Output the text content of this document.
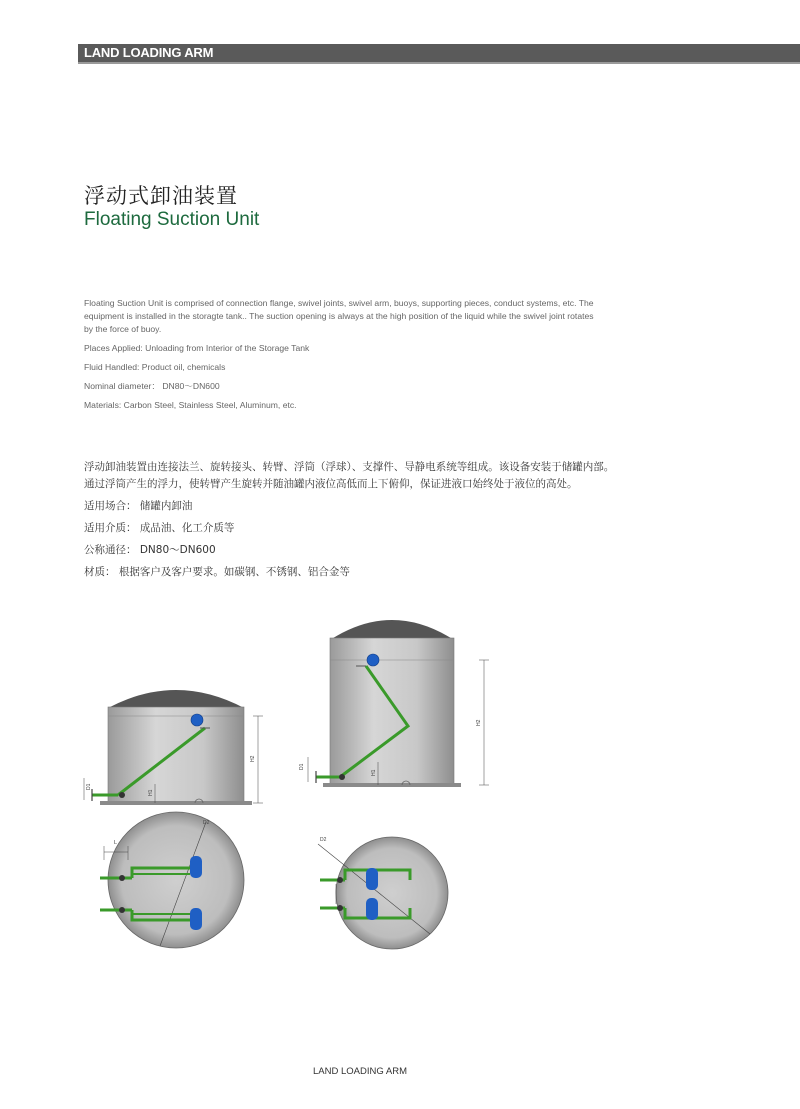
LAND LOADING ARM
浮动式卸油装置
Floating Suction Unit

Floating Suction Unit is comprised of connection flange, swivel joints, swivel arm, buoys, supporting pieces, conduct systems, etc. The equipment is installed in the storagte tank.. The suction opening is always at the high position of the liquid while the swivel joint rotates by the force of buoy.

Places Applied: Unloading from Interior of the Storage Tank

Fluid Handled: Product oil, chemicals

Nominal diameter： DN80～DN600

Materials: Carbon Steel, Stainless Steel, Aluminum, etc.

浮动卸油装置由连接法兰、旋转接头、转臂、浮筒（浮球）、支撑件、导静电系统等组成。该设备安装于储罐内部。通过浮筒产生的浮力，使转臂产生旋转并随油罐内液位高低而上下俯仰，保证进液口始终处于液位的高处。

适用场合： 储罐内卸油

适用介质： 成品油、化工介质等

公称通径： DN80～DN600

材质： 根据客户及客户要求。如碳钢、不锈钢、铝合金等

H2
H1
D1
H2
H1
D1
L
D2
D2
LAND LOADING ARM
